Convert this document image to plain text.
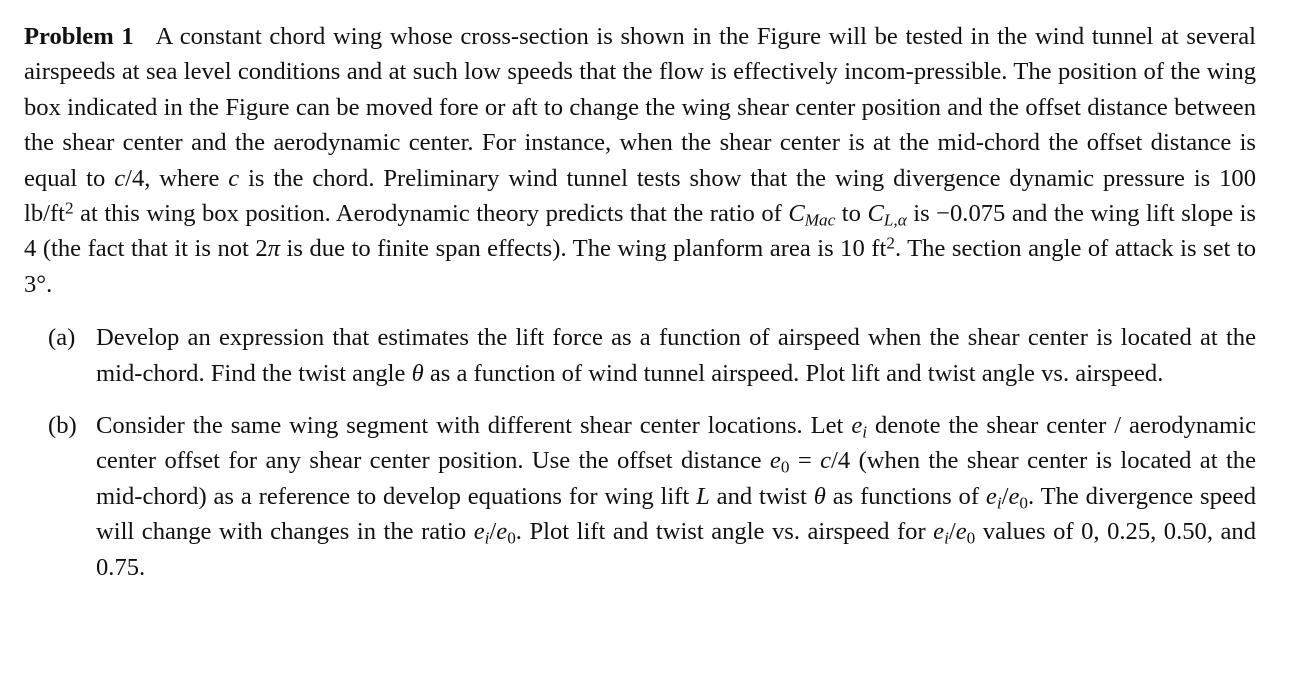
Problem 1 A constant chord wing whose cross-section is shown in the Figure will be tested in the wind tunnel at several airspeeds at sea level conditions and at such low speeds that the flow is effectively incom-pressible. The position of the wing box indicated in the Figure can be moved fore or aft to change the wing shear center position and the offset distance between the shear center and the aerodynamic center. For instance, when the shear center is at the mid-chord the offset distance is equal to c/4, where c is the chord. Preliminary wind tunnel tests show that the wing divergence dynamic pressure is 100 $lb/ft^2$ at this wing box position. Aerodynamic theory predicts that the ratio of $C_{Mac}$ to $C_{L,\alpha}$ is −0.075 and the wing lift slope is 4 (the fact that it is not 2π is due to finite span effects). The wing planform area is 10 $ft^2$. The section angle of attack is set to 3°.

(a) Develop an expression that estimates the lift force as a function of airspeed when the shear center is located at the mid-chord. Find the twist angle θ as a function of wind tunnel airspeed. Plot lift and twist angle vs. airspeed.
(b) Consider the same wing segment with different shear center locations. Let $e_i$ denote the shear center / aerodynamic center offset for any shear center position. Use the offset distance $e_0 = c/4$ (when the shear center is located at the mid-chord) as a reference to develop equations for wing lift L and twist θ as functions of $e_i/e_0$. The divergence speed will change with changes in the ratio $e_i/e_0$. Plot lift and twist angle vs. airspeed for $e_i/e_0$ values of 0, 0.25, 0.50, and 0.75.
